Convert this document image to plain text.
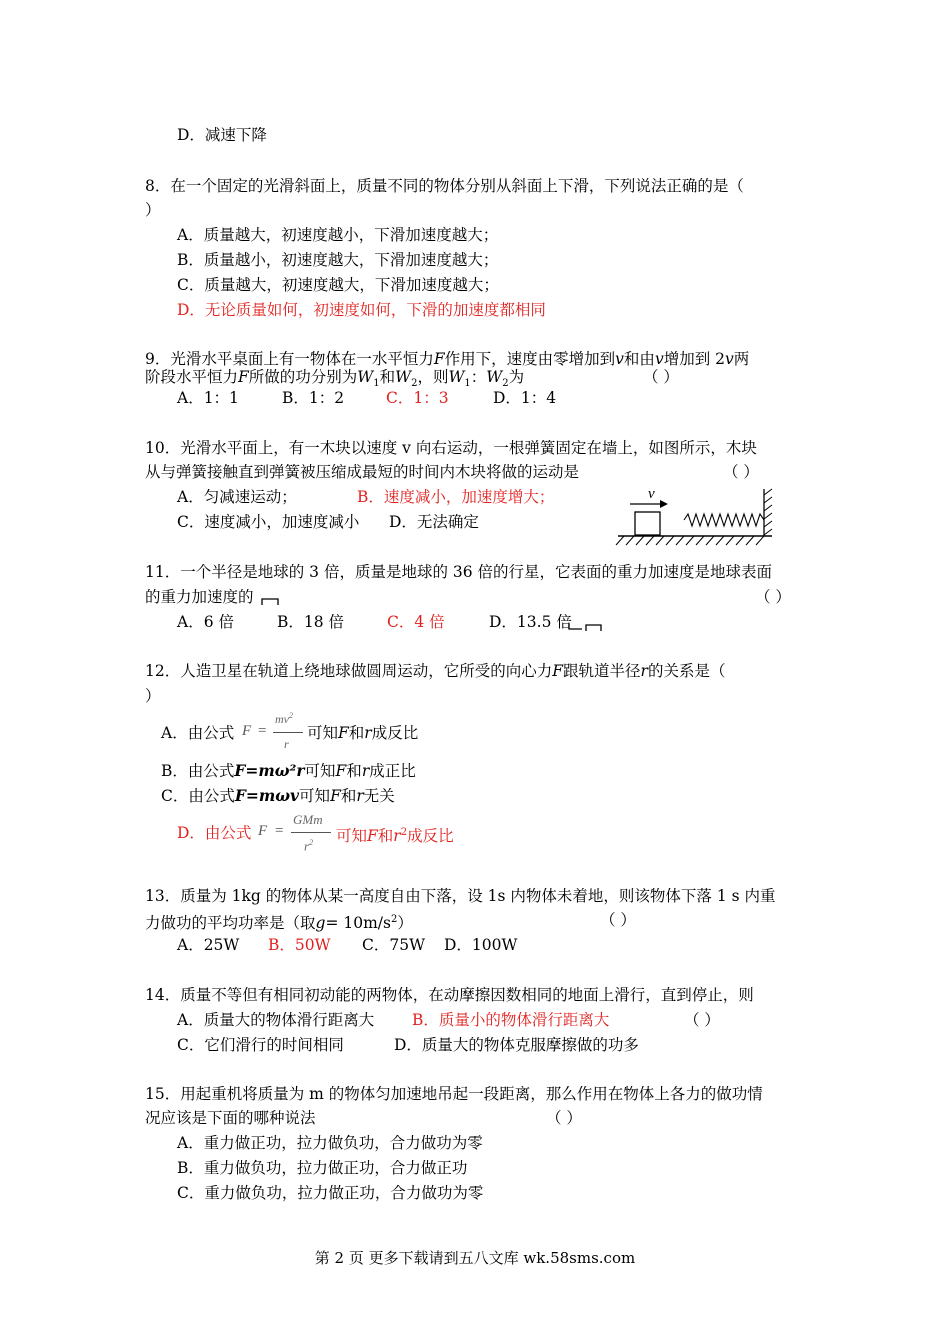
D．减速下降
8．在一个固定的光滑斜面上，质量不同的物体分别从斜面上下滑，下列说法正确的是（
）
A．质量越大，初速度越小，下滑加速度越大；
B．质量越小，初速度越大，下滑加速度越大；
C．质量越大，初速度越大，下滑加速度越大；
D．无论质量如何，初速度如何，下滑的加速度都相同
9．光滑水平桌面上有一物体在一水平恒力F作用下，速度由零增加到v和由v增加到 2v两
阶段水平恒力F所做的功分别为$W_1$和$W_2$，则$W_1$：$W_2$为	（ ）
A．1：1	B．1：2	C．1：3	D．1：4
10．光滑水平面上，有一木块以速度 v 向右运动，一根弹簧固定在墙上，如图所示，木块
从与弹簧接触直到弹簧被压缩成最短的时间内木块将做的运动是	（ ）
A．匀减速运动；	B．速度减小，加速度增大；
C．速度减小，加速度减小 D．无法确定
v
11．一个半径是地球的 3 倍，质量是地球的 36 倍的行星，它表面的重力加速度是地球表面
的重力加速度的	（ ）
A．6 倍	B．18 倍	C．4 倍	D．13.5 倍
12．人造卫星在轨道上绕地球做圆周运动，它所受的向心力F跟轨道半径r的关系是（
）
A．由公式 F =
$mv^2$
r
可知F和r成反比
B．由公式F=mω²r可知F和r成正比
C．由公式F=mωv可知F和r无关
D．由公式 F =
GMm
$r^2$ 可知F和$r^2$成反比
13．质量为 1kg 的物体从某一高度自由下落，设 1s 内物体未着地，则该物体下落 1 s 内重
力做功的平均功率是（取$g= 10m/s^2$）	（ ）
A．25W B．50W C．75W D．100W
14．质量不等但有相同初动能的两物体，在动摩擦因数相同的地面上滑行，直到停止，则
A．质量大的物体滑行距离大 B．质量小的物体滑行距离大	（ ）
C．它们滑行的时间相同	D．质量大的物体克服摩擦做的功多
15．用起重机将质量为 m 的物体匀加速地吊起一段距离，那么作用在物体上各力的做功情
况应该是下面的哪种说法	（ ）
A．重力做正功，拉力做负功，合力做功为零
B．重力做负功，拉力做正功，合力做正功
C．重力做负功，拉力做正功，合力做功为零
第 2 页 更多下载请到五八文库 wk.58sms.com
